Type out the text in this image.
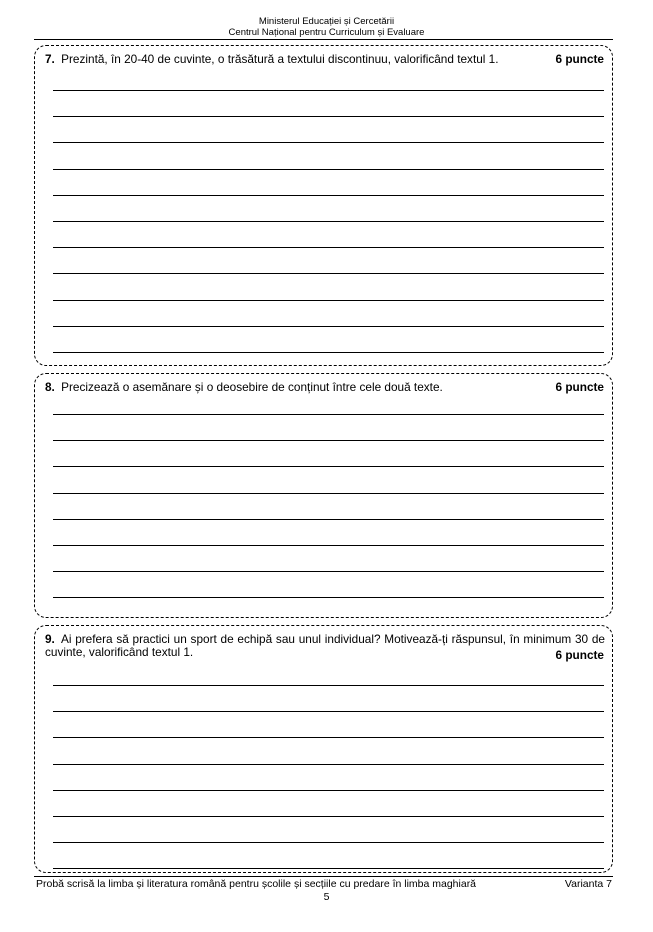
Ministerul Educației și Cercetării
Centrul Național pentru Curriculum și Evaluare
7. Prezintă, în 20-40 de cuvinte, o trăsătură a textului discontinuu, valorificând textul 1.	6 puncte
8. Precizează o asemănare și o deosebire de conținut între cele două texte.	6 puncte
9. Ai prefera să practici un sport de echipă sau unul individual? Motivează-ți răspunsul, în minimum 30 de cuvinte, valorificând textul 1.	6 puncte
Probă scrisă la limba și literatura română pentru școlile și secțiile cu predare în limba maghiară	Varianta 7
5
